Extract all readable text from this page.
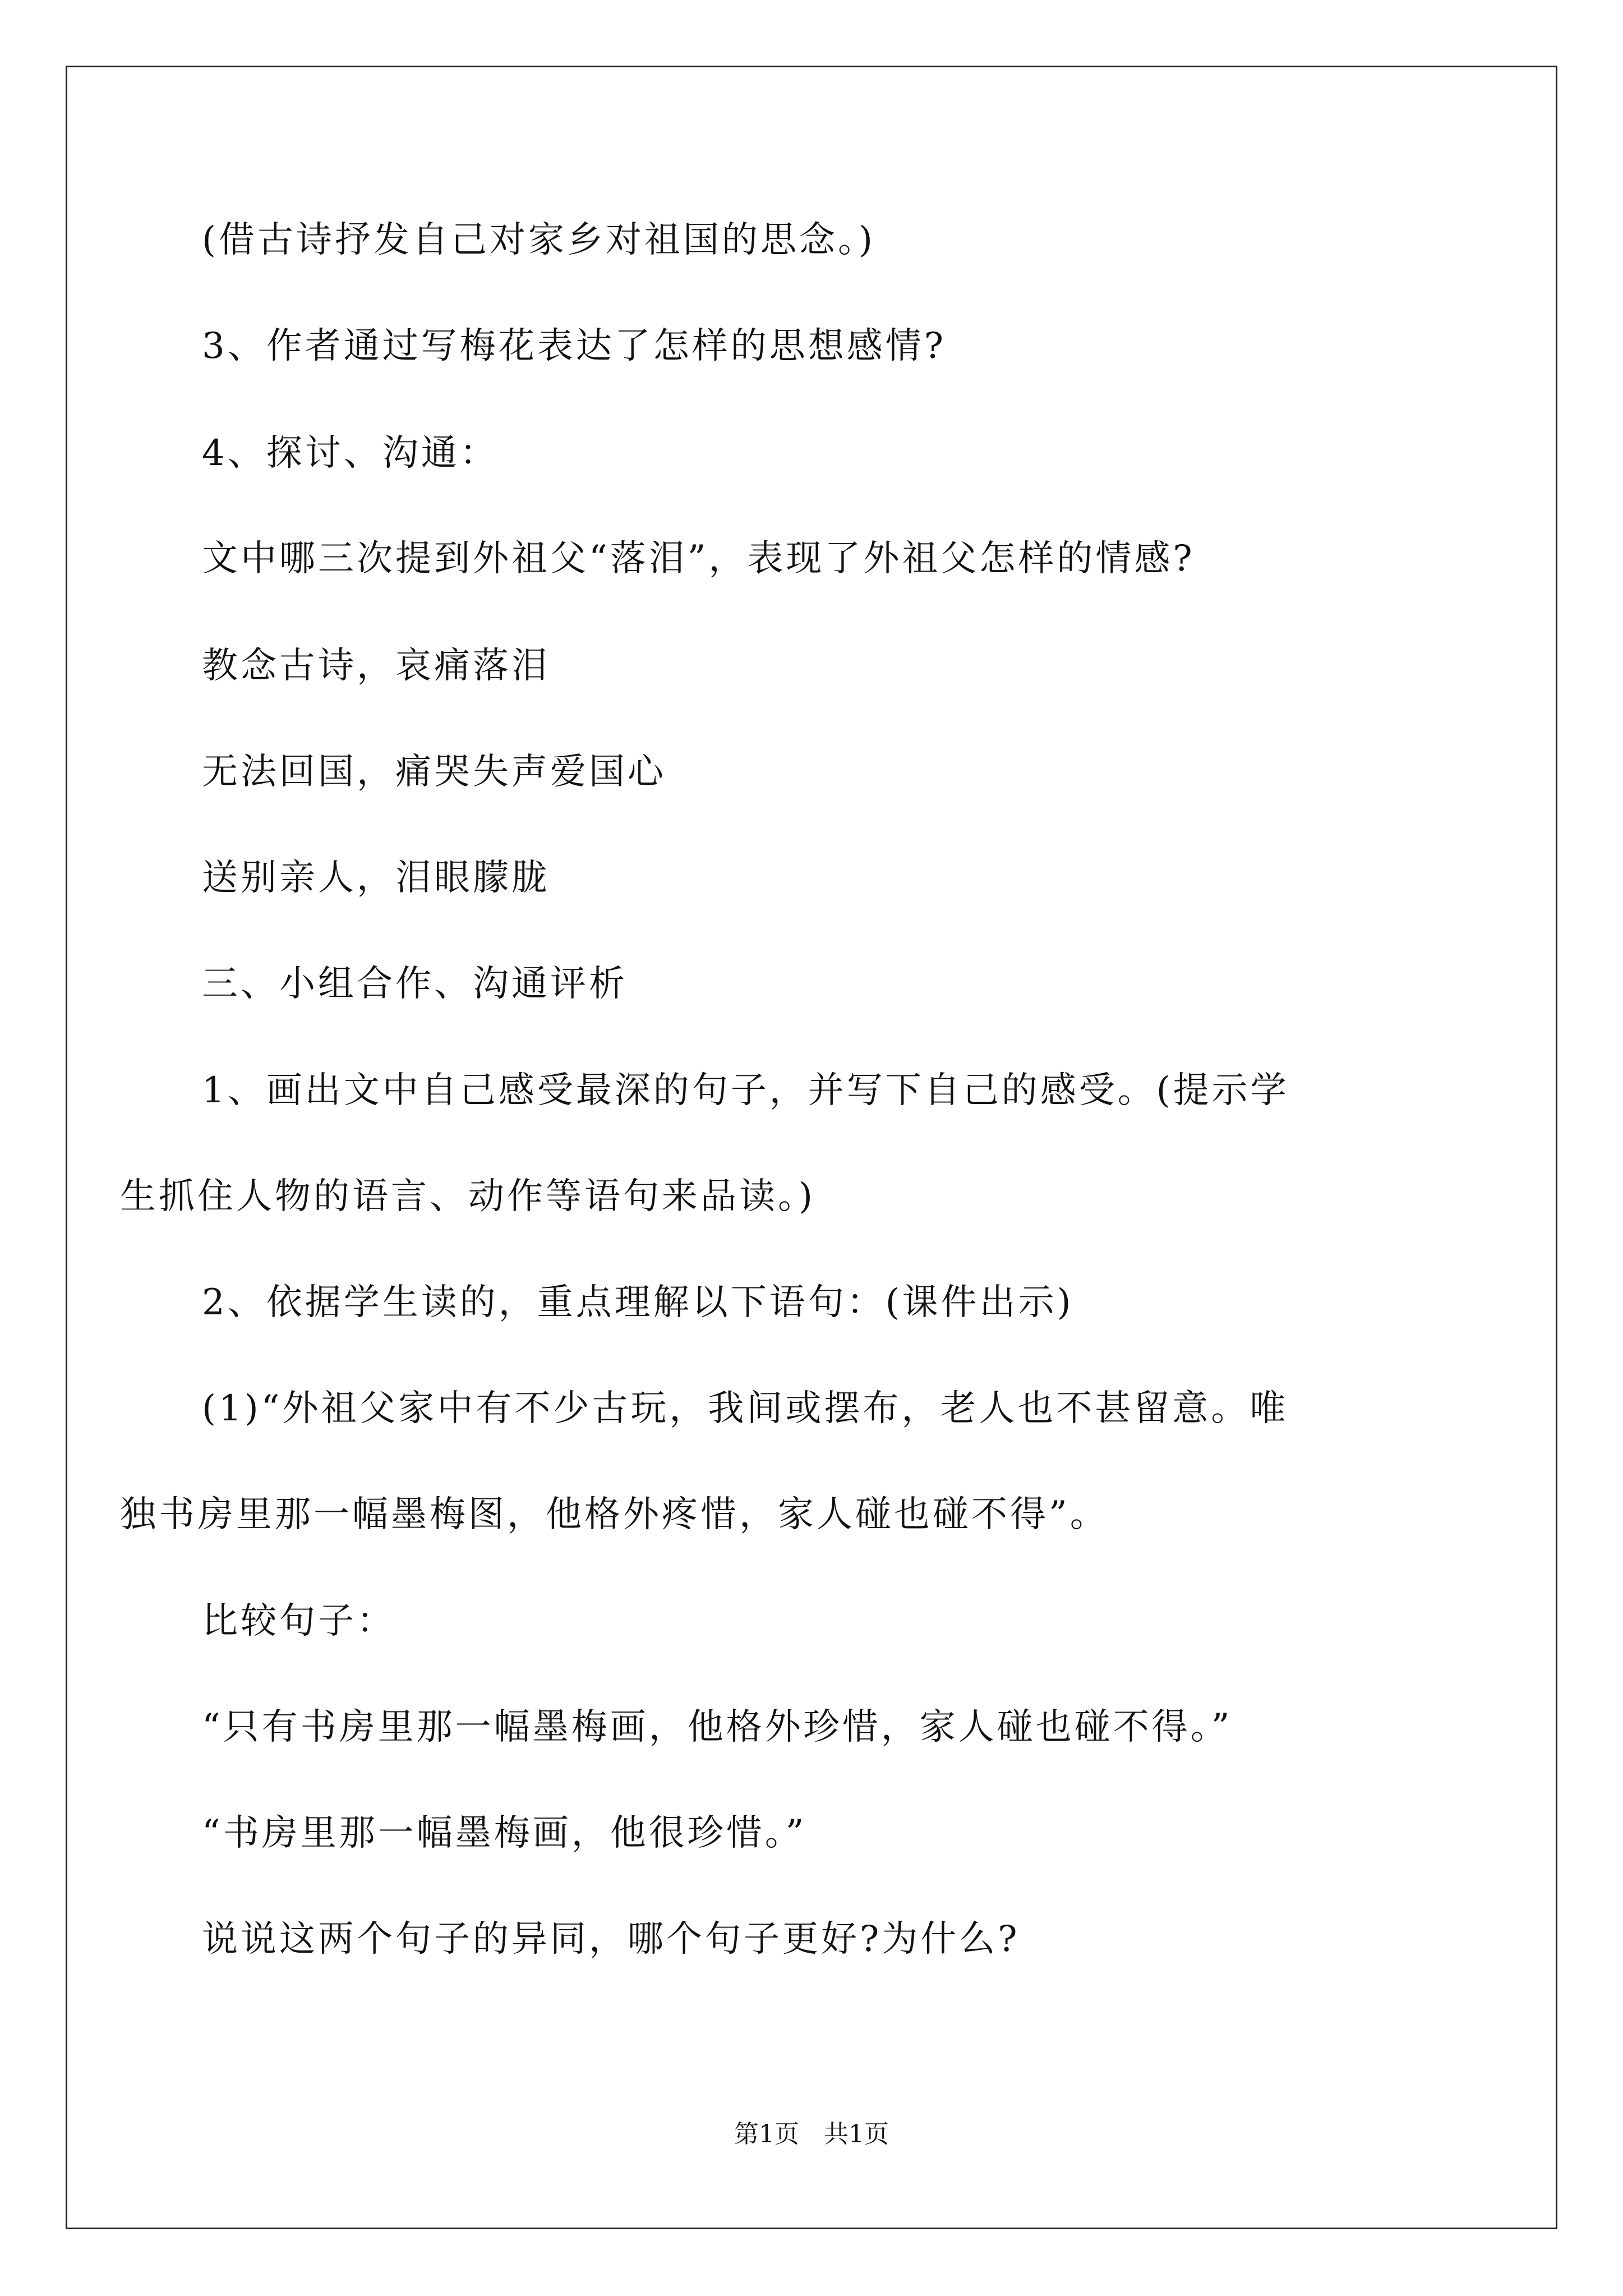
(借古诗抒发自己对家乡对祖国的思念。)
3、作者通过写梅花表达了怎样的思想感情?
4、探讨、沟通：
文中哪三次提到外祖父“落泪”，表现了外祖父怎样的情感?
教念古诗，哀痛落泪
无法回国，痛哭失声爱国心
送别亲人，泪眼朦胧
三、小组合作、沟通评析
1、画出文中自己感受最深的句子，并写下自己的感受。(提示学
生抓住人物的语言、动作等语句来品读。)
2、依据学生读的，重点理解以下语句：(课件出示)
(1)“外祖父家中有不少古玩，我间或摆布，老人也不甚留意。唯
独书房里那一幅墨梅图，他格外疼惜，家人碰也碰不得”。
比较句子：
“只有书房里那一幅墨梅画，他格外珍惜，家人碰也碰不得。”
“书房里那一幅墨梅画，他很珍惜。”
说说这两个句子的异同，哪个句子更好?为什么?
第1页　共1页
